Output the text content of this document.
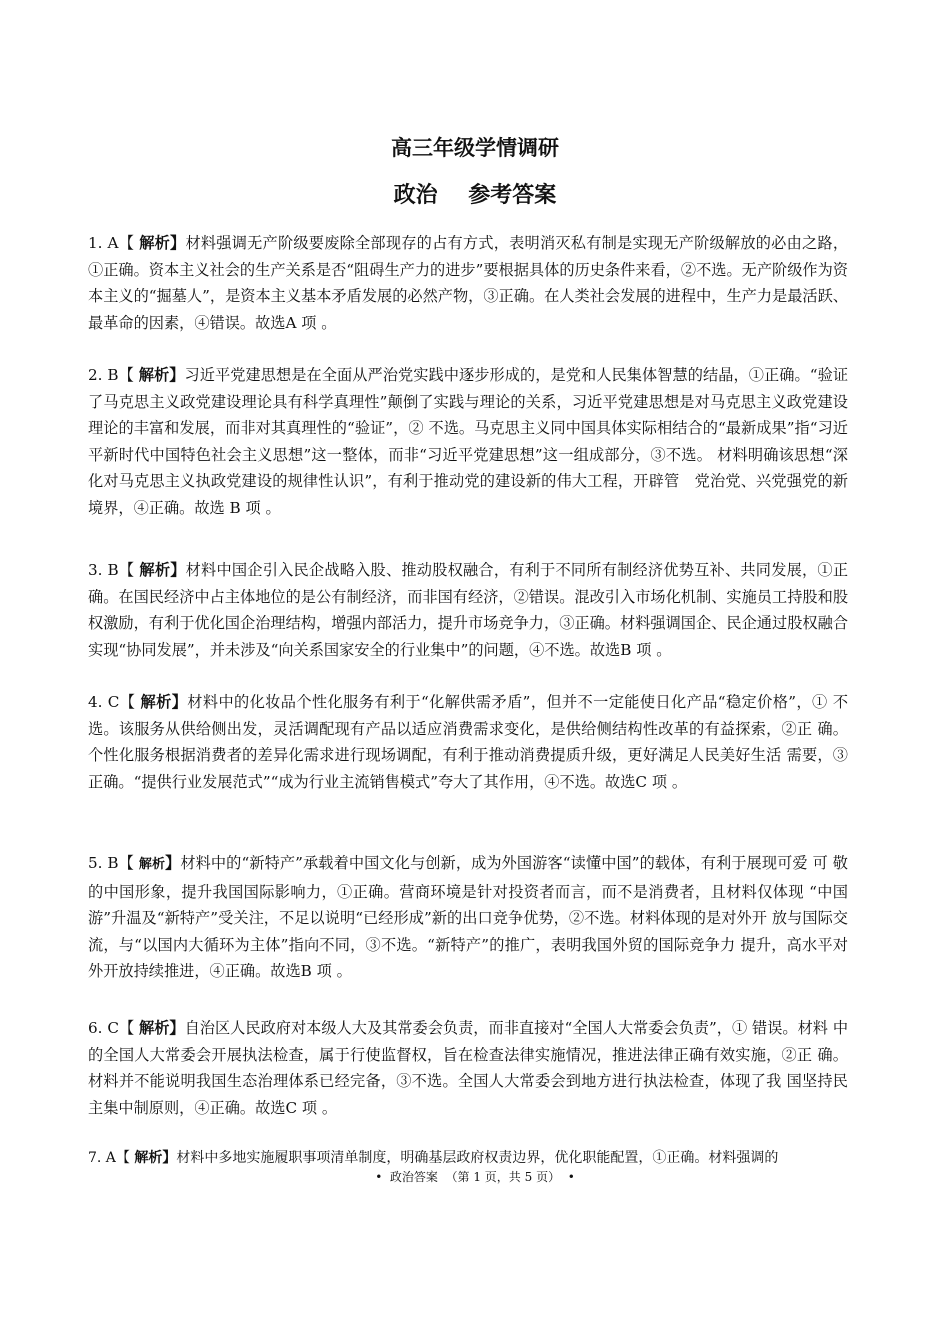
高三年级学情调研
政治    参考答案
1. A【 解析】材料强调无产阶级要废除全部现存的占有方式，表明消灭私有制是实现无产阶级解放的必由之路，①正确。资本主义社会的生产关系是否“阻碍生产力的进步”要根据具体的历史条件来看，②不选。无产阶级作为资本主义的“掘墓人”，是资本主义基本矛盾发展的必然产物，③正确。在人类社会发展的进程中，生产力是最活跃、最革命的因素，④错误。故选A 项 。
2. B【 解析】习近平党建思想是在全面从严治党实践中逐步形成的，是党和人民集体智慧的结晶，①正确。“验证了马克思主义政党建设理论具有科学真理性”颠倒了实践与理论的关系，习近平党建思想是对马克思主义政党建设理论的丰富和发展，而非对其真理性的“验证”，② 不选。马克思主义同中国具体实际相结合的“最新成果”指“习近平新时代中国特色社会主义思想”这一整体，而非“习近平党建思想”这一组成部分，③不选。 材料明确该思想“深化对马克思主义执政党建设的规律性认识”，有利于推动党的建设新的伟大工程，开辟管　党治党、兴党强党的新境界，④正确。故选 B 项 。
3. B【 解析】材料中国企引入民企战略入股、推动股权融合，有利于不同所有制经济优势互补、共同发展，①正确。在国民经济中占主体地位的是公有制经济，而非国有经济，②错误。混改引入市场化机制、实施员工持股和股权激励，有利于优化国企治理结构，增强内部活力，提升市场竞争力，③正确。材料强调国企、民企通过股权融合实现“协同发展”，并未涉及“向关系国家安全的行业集中”的问题，④不选。故选B 项 。
4. C【 解析】材料中的化妆品个性化服务有利于“化解供需矛盾”，但并不一定能使日化产品“稳定价格”，① 不 选。该服务从供给侧出发，灵活调配现有产品以适应消费需求变化，是供给侧结构性改革的有益探索，②正 确。个性化服务根据消费者的差异化需求进行现场调配，有利于推动消费提质升级，更好满足人民美好生活 需要，③正确。“提供行业发展范式”“成为行业主流销售模式”夸大了其作用，④不选。故选C 项 。
5. B【 解析】材料中的“新特产”承载着中国文化与创新，成为外国游客“读懂中国”的载体，有利于展现可爱 可 敬的中国形象，提升我国国际影响力，①正确。营商环境是针对投资者而言，而不是消费者，且材料仅体现 “中国游”升温及“新特产”受关注，不足以说明“已经形成”新的出口竞争优势，②不选。材料体现的是对外开 放与国际交流，与“以国内大循环为主体”指向不同，③不选。“新特产”的推广，表明我国外贸的国际竞争力 提升，高水平对外开放持续推进，④正确。故选B 项 。
6. C【 解析】自治区人民政府对本级人大及其常委会负责，而非直接对“全国人大常委会负责”，① 错误。材料 中的全国人大常委会开展执法检查，属于行使监督权，旨在检查法律实施情况，推进法律正确有效实施，②正 确。材料并不能说明我国生态治理体系已经完备，③不选。全国人大常委会到地方进行执法检查，体现了我 国坚持民主集中制原则，④正确。故选C 项 。
7. A【 解析】材料中多地实施履职事项清单制度，明确基层政府权责边界，优化职能配置，①正确。材料强调的
•  政治答案  （第 1 页，共 5 页）  •
